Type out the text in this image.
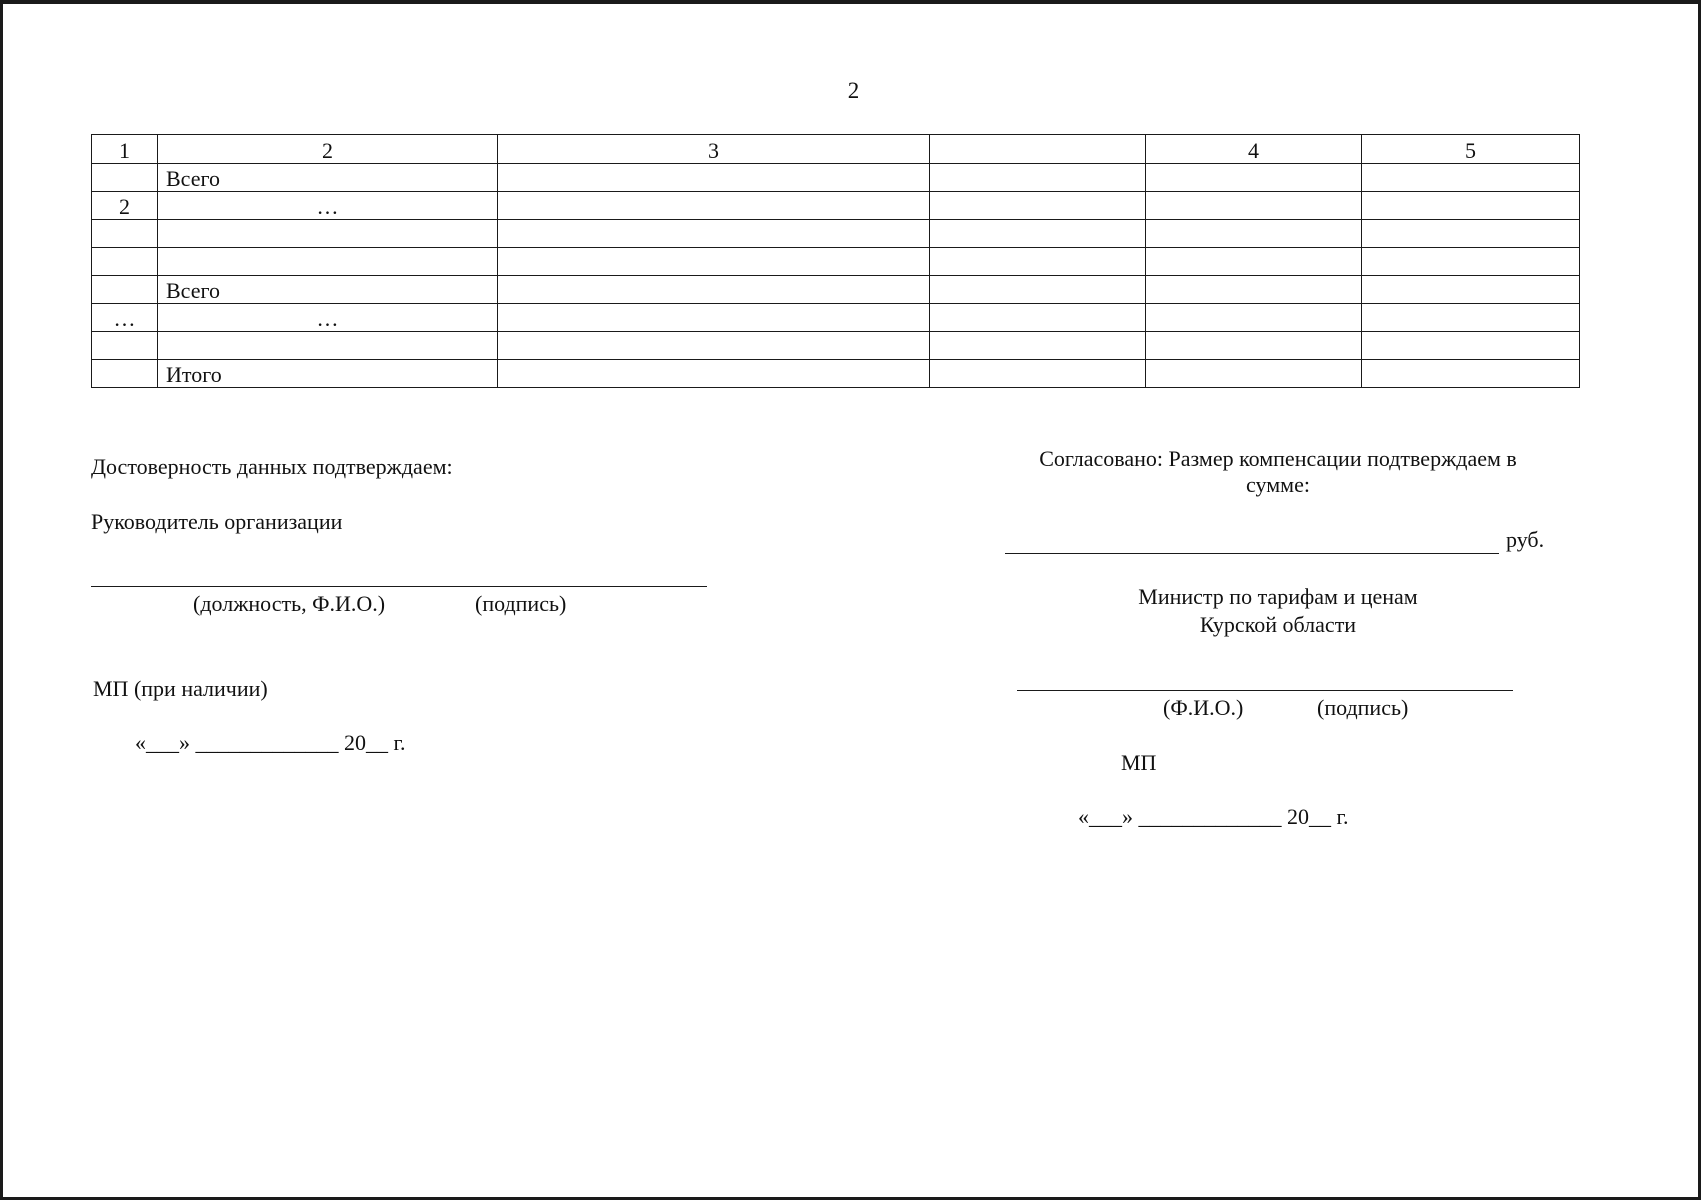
2
1	2	3		4	5
	Всего				
2	…				

	Всего				
…	…				

	Итого				
Достоверность данных подтверждаем:
Руководитель организации
(должность, Ф.И.О.)	(подпись)
МП (при наличии)
«___» _____________ 20__ г.
Согласовано: Размер компенсации подтверждаем в
сумме:
руб.
Министр по тарифам и ценам
Курской области
(Ф.И.О.)	(подпись)
МП
«___» _____________ 20__ г.
